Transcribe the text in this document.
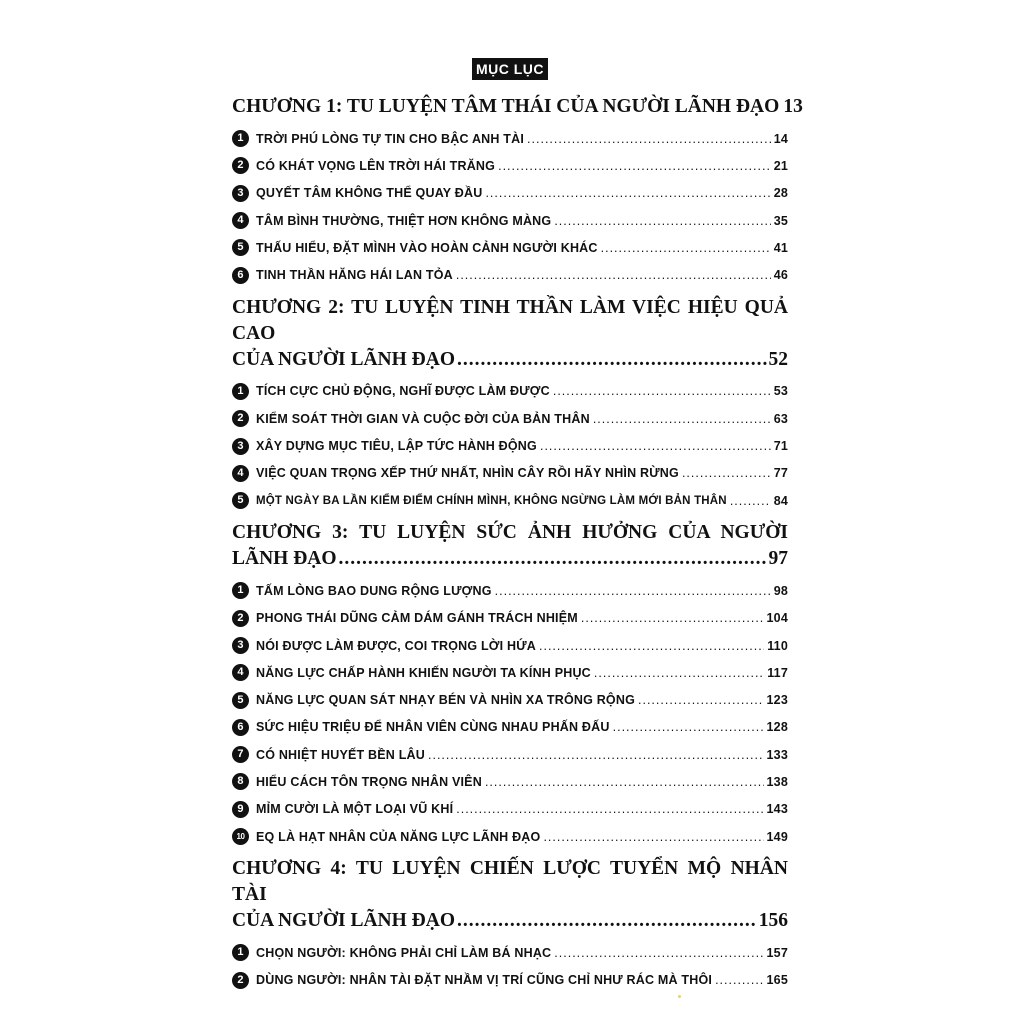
MỤC LỤC
CHƯƠNG 1: TU LUYỆN TÂM THÁI CỦA NGƯỜI LÃNH ĐẠO 13
1 TRỜI PHÚ LÒNG TỰ TIN CHO BẬC ANH TÀI .....	14
2 CÓ KHÁT VỌNG LÊN TRỜI HÁI TRĂNG .....	21
3 QUYẾT TÂM KHÔNG THỂ QUAY ĐẦU .....	28
4 TÂM BÌNH THƯỜNG, THIỆT HƠN KHÔNG MÀNG .....	35
5 THẤU HIỂU, ĐẶT MÌNH VÀO HOÀN CẢNH NGƯỜI KHÁC .....	41
6 TINH THẦN HĂNG HÁI LAN TỎA .....	46
CHƯƠNG 2: TU LUYỆN TINH THẦN LÀM VIỆC HIỆU QUẢ CAO
CỦA NGƯỜI LÃNH ĐẠO .....	52
1 TÍCH CỰC CHỦ ĐỘNG, NGHĨ ĐƯỢC LÀM ĐƯỢC .....	53
2 KIỂM SOÁT THỜI GIAN VÀ CUỘC ĐỜI CỦA BẢN THÂN .....	63
3 XÂY DỰNG MỤC TIÊU, LẬP TỨC HÀNH ĐỘNG .....	71
4 VIỆC QUAN TRỌNG XẾP THỨ NHẤT, NHÌN CÂY RỒI HÃY NHÌN RỪNG .....	77
5	MỘT NGÀY BA LẦN KIỂM ĐIỂM CHÍNH MÌNH, KHÔNG NGỪNG LÀM MỚI BẢN THÂN .....	84
CHƯƠNG 3: TU LUYỆN SỨC ẢNH HƯỞNG CỦA NGƯỜI
LÃNH ĐẠO .....	97
1 TẤM LÒNG BAO DUNG RỘNG LƯỢNG .....	98
2 PHONG THÁI DŨNG CẢM DÁM GÁNH TRÁCH NHIỆM .....	104
3 NÓI ĐƯỢC LÀM ĐƯỢC, COI TRỌNG LỜI HỨA .....	110
4 NĂNG LỰC CHẤP HÀNH KHIẾN NGƯỜI TA KÍNH PHỤC .....	117
5 NĂNG LỰC QUAN SÁT NHẠY BÉN VÀ NHÌN XA TRÔNG RỘNG .....	123
6 SỨC HIỆU TRIỆU ĐỂ NHÂN VIÊN CÙNG NHAU PHẤN ĐẤU .....	128
7 CÓ NHIỆT HUYẾT BỀN LÂU .....	133
8 HIỂU CÁCH TÔN TRỌNG NHÂN VIÊN .....	138
9 MỈM CƯỜI LÀ MỘT LOẠI VŨ KHÍ .....	143
10 EQ LÀ HẠT NHÂN CỦA NĂNG LỰC LÃNH ĐẠO .....	149
CHƯƠNG 4: TU LUYỆN CHIẾN LƯỢC TUYỂN MỘ NHÂN TÀI
CỦA NGƯỜI LÃNH ĐẠO .....	156
1 CHỌN NGƯỜI: KHÔNG PHẢI CHỈ LÀM BÁ NHẠC .....	157
2 DÙNG NGƯỜI: NHÂN TÀI ĐẶT NHẦM VỊ TRÍ CŨNG CHỈ NHƯ RÁC MÀ THÔI .....	165
